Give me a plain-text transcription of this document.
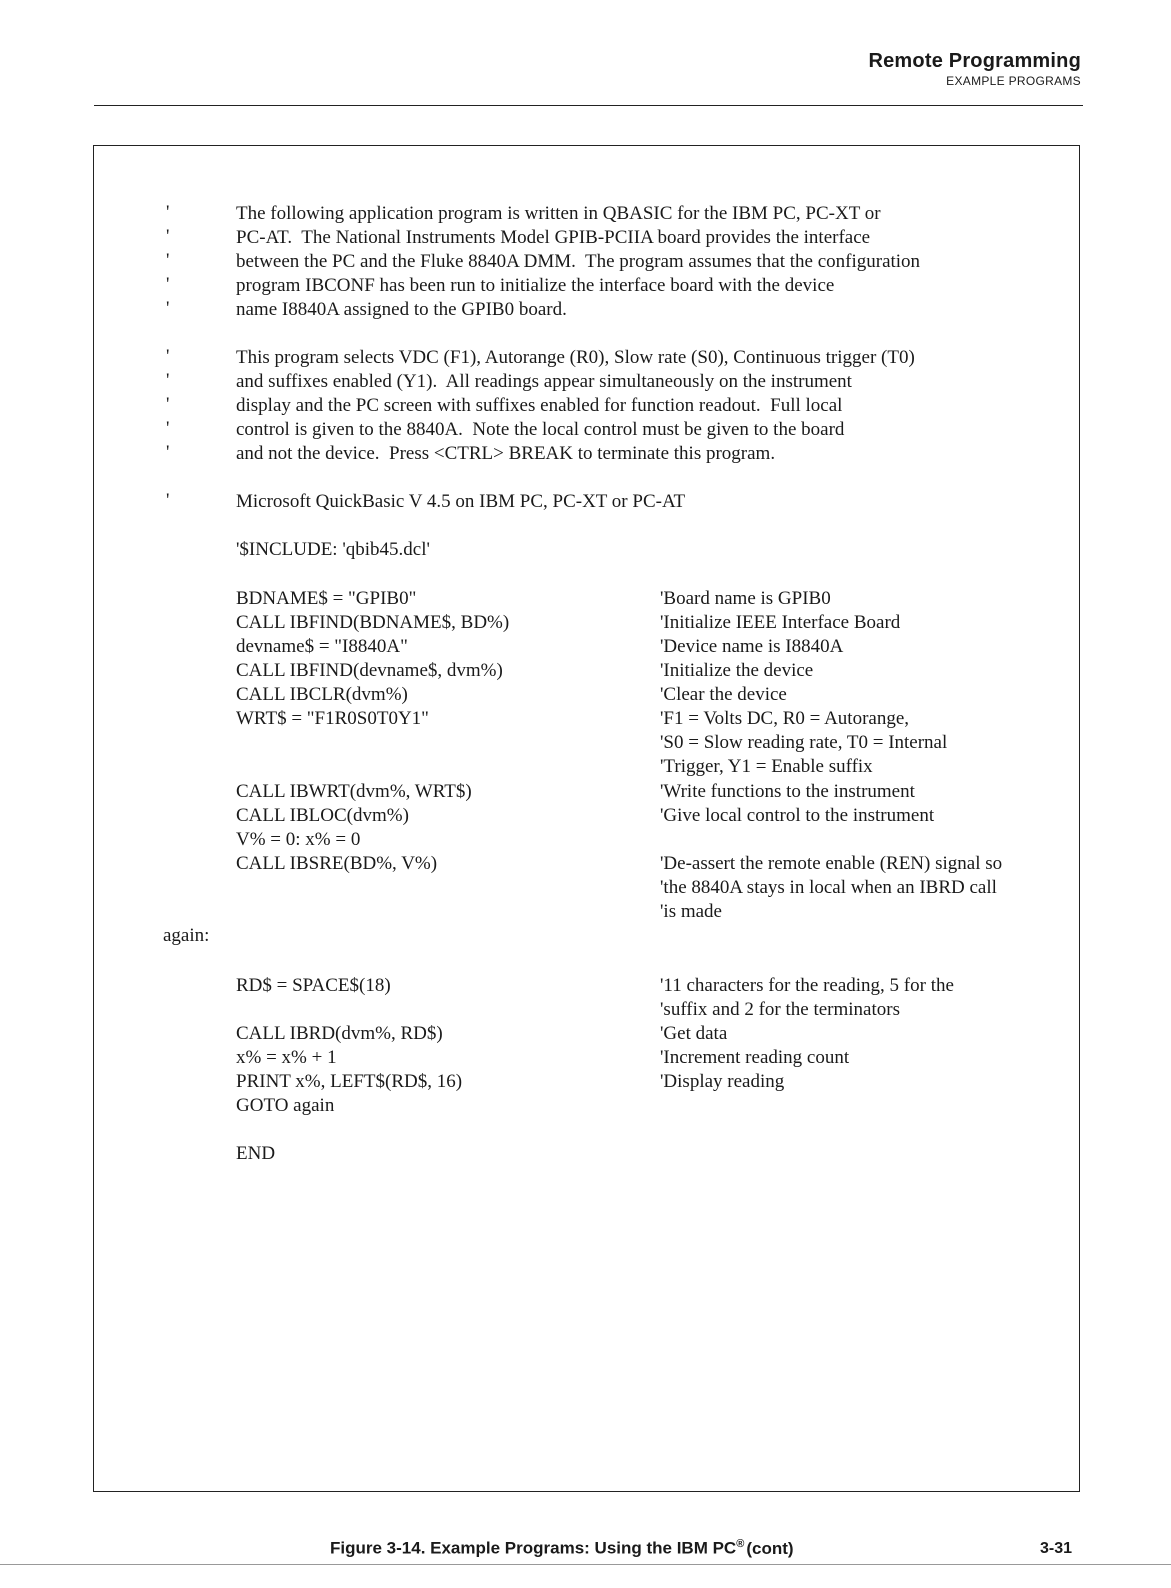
Remote Programming
EXAMPLE PROGRAMS
'
'
'
'
'
The following application program is written in QBASIC for the IBM PC, PC-XT or
PC-AT.  The National Instruments Model GPIB-PCIIA board provides the interface
between the PC and the Fluke 8840A DMM.  The program assumes that the configuration
program IBCONF has been run to initialize the interface board with the device
name I8840A assigned to the GPIB0 board.
'
'
'
'
'
This program selects VDC (F1), Autorange (R0), Slow rate (S0), Continuous trigger (T0)
and suffixes enabled (Y1).  All readings appear simultaneously on the instrument
display and the PC screen with suffixes enabled for function readout.  Full local
control is given to the 8840A.  Note the local control must be given to the board
and not the device.  Press <CTRL> BREAK to terminate this program.
'	Microsoft QuickBasic V 4.5 on IBM PC, PC-XT or PC-AT
'$INCLUDE: 'qbib45.dcl'
BDNAME$ = "GPIB0"
CALL IBFIND(BDNAME$, BD%)
devname$ = "I8840A"
CALL IBFIND(devname$, dvm%)
CALL IBCLR(dvm%)
WRT$ = "F1R0S0T0Y1"
'Board name is GPIB0
'Initialize IEEE Interface Board
'Device name is I8840A
'Initialize the device
'Clear the device
'F1 = Volts DC, R0 = Autorange,
'S0 = Slow reading rate, T0 = Internal
'Trigger, Y1 = Enable suffix
CALL IBWRT(dvm%, WRT$)
CALL IBLOC(dvm%)
V% = 0: x% = 0
CALL IBSRE(BD%, V%)
'Write functions to the instrument
'Give local control to the instrument
'De-assert the remote enable (REN) signal so
'the 8840A stays in local when an IBRD call
'is made
again:
RD$ = SPACE$(18)
CALL IBRD(dvm%, RD$)
x% = x% + 1
PRINT x%, LEFT$(RD$, 16)
GOTO again
END
'11 characters for the reading, 5 for the
'suffix and 2 for the terminators
'Get data
'Increment reading count
'Display reading
Figure 3-14. Example Programs: Using the IBM PC® (cont)	3-31
